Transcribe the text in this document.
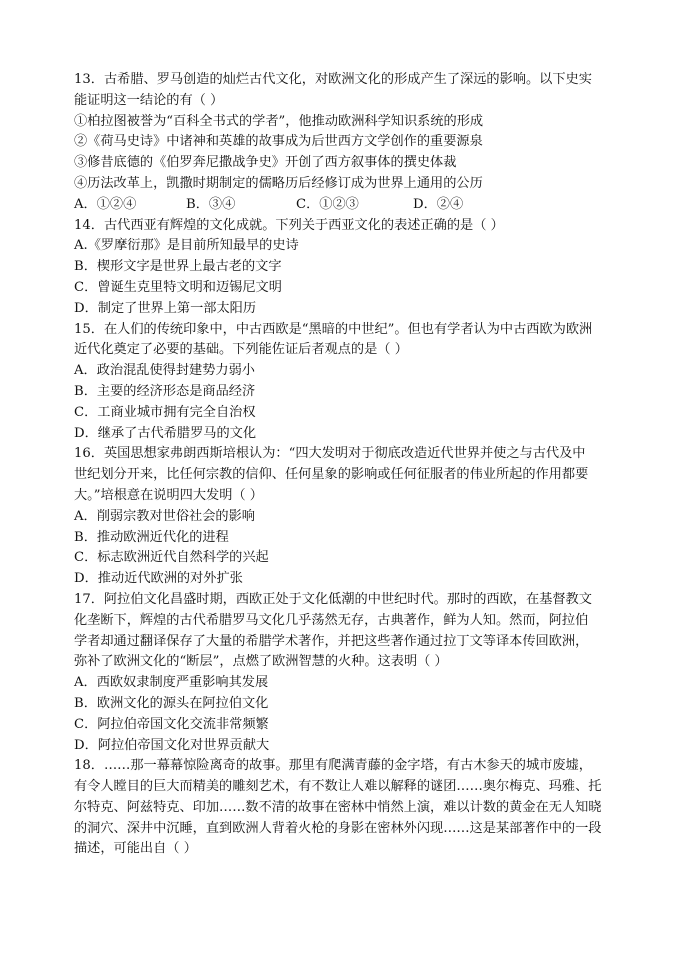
13．古希腊、罗马创造的灿烂古代文化，对欧洲文化的形成产生了深远的影响。以下史实
能证明这一结论的有（ ）
①柏拉图被誉为“百科全书式的学者”，他推动欧洲科学知识系统的形成
②《荷马史诗》中诸神和英雄的故事成为后世西方文学创作的重要源泉
③修昔底德的《伯罗奔尼撒战争史》开创了西方叙事体的撰史体裁
④历法改革上，凯撒时期制定的儒略历后经修订成为世界上通用的公历
A．①②④	B．③④	C．①②③	D．②④
14．古代西亚有辉煌的文化成就。下列关于西亚文化的表述正确的是（ ）
A.《罗摩衍那》是目前所知最早的史诗
B．楔形文字是世界上最古老的文字
C．曾诞生克里特文明和迈锡尼文明
D．制定了世界上第一部太阳历
15．在人们的传统印象中，中古西欧是“黑暗的中世纪”。但也有学者认为中古西欧为欧洲
近代化奠定了必要的基础。下列能佐证后者观点的是（ ）
A．政治混乱使得封建势力弱小
B．主要的经济形态是商品经济
C．工商业城市拥有完全自治权
D．继承了古代希腊罗马的文化
16．英国思想家弗朗西斯培根认为：“四大发明对于彻底改造近代世界并使之与古代及中
世纪划分开来，比任何宗教的信仰、任何星象的影响或任何征服者的伟业所起的作用都要
大。”培根意在说明四大发明（ ）
A．削弱宗教对世俗社会的影响
B．推动欧洲近代化的进程
C．标志欧洲近代自然科学的兴起
D．推动近代欧洲的对外扩张
17．阿拉伯文化昌盛时期，西欧正处于文化低潮的中世纪时代。那时的西欧，在基督教文
化垄断下，辉煌的古代希腊罗马文化几乎荡然无存，古典著作，鲜为人知。然而，阿拉伯
学者却通过翻译保存了大量的希腊学术著作，并把这些著作通过拉丁文等译本传回欧洲，
弥补了欧洲文化的“断层”，点燃了欧洲智慧的火种。这表明（ ）
A．西欧奴隶制度严重影响其发展
B．欧洲文化的源头在阿拉伯文化
C．阿拉伯帝国文化交流非常频繁
D．阿拉伯帝国文化对世界贡献大
18．……那一幕幕惊险离奇的故事。那里有爬满青藤的金字塔，有古木参天的城市废墟，
有令人瞠目的巨大而精美的雕刻艺术，有不数让人难以解释的谜团……奥尔梅克、玛雅、托
尔特克、阿兹特克、印加……数不清的故事在密林中悄然上演，难以计数的黄金在无人知晓
的洞穴、深井中沉睡，直到欧洲人背着火枪的身影在密林外闪现……这是某部著作中的一段
描述，可能出自（ ）
